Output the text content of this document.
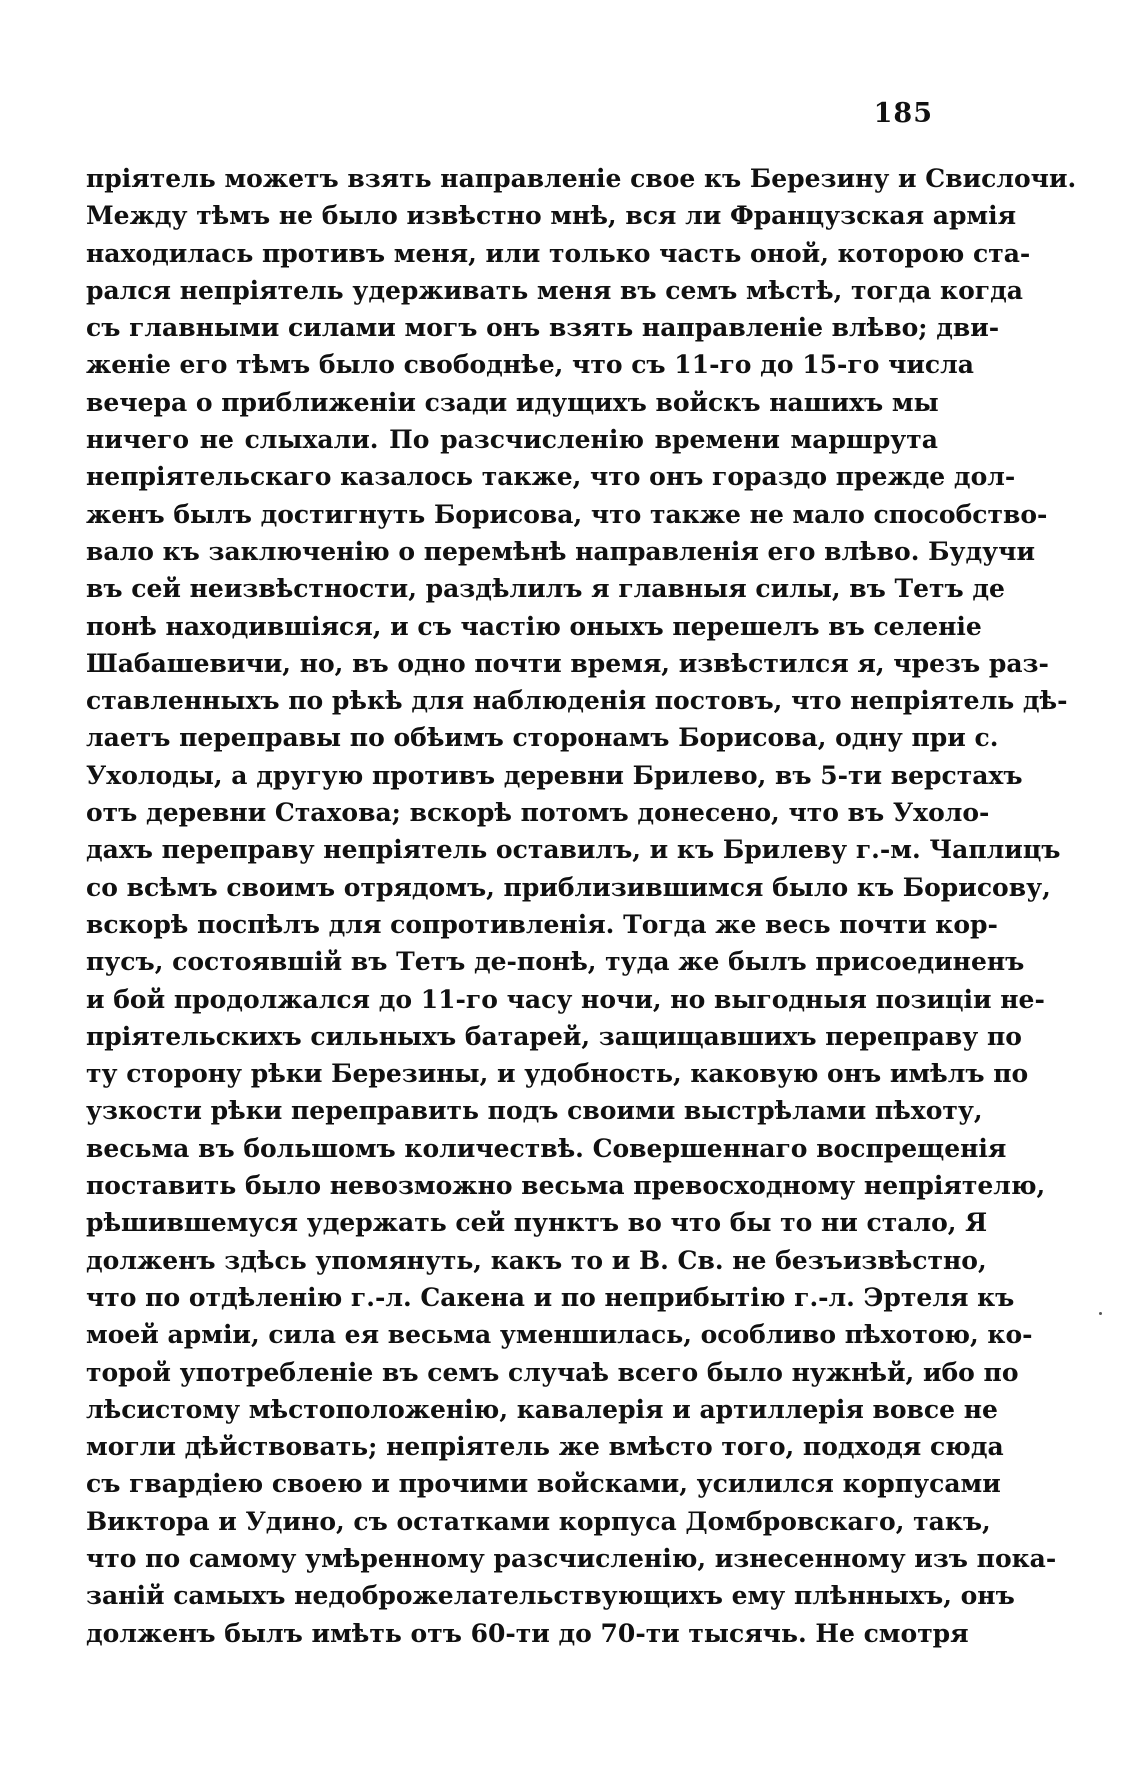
185
пріятель можетъ взять направленіе свое къ Березину и Свислочи.
Между тѣмъ не было извѣстно мнѣ, вся ли Французская армія
находилась противъ меня, или только часть оной, которою ста-
рался непріятель удерживать меня въ семъ мѣстѣ, тогда когда
съ главными силами могъ онъ взять направленіе влѣво; дви-
женіе его тѣмъ было свободнѣе, что съ 11-го до 15-го числа
вечера о приближеніи сзади идущихъ войскъ нашихъ мы
ничего не слыхали. По разсчисленію времени маршрута
непріятельскаго казалось также, что онъ гораздо прежде дол-
женъ былъ достигнуть Борисова, что также не мало способство-
вало къ заключенію о перемѣнѣ направленія его влѣво. Будучи
въ сей неизвѣстности, раздѣлилъ я главныя силы, въ Тетъ де
понѣ находившіяся, и съ частію оныхъ перешелъ въ селеніе
Шабашевичи, но, въ одно почти время, извѣстился я, чрезъ раз-
ставленныхъ по рѣкѣ для наблюденія постовъ, что непріятель дѣ-
лаетъ переправы по обѣимъ сторонамъ Борисова, одну при с.
Ухолоды, а другую противъ деревни Брилево, въ 5-ти верстахъ
отъ деревни Стахова; вскорѣ потомъ донесено, что въ Ухоло-
дахъ переправу непріятель оставилъ, и къ Брилеву г.-м. Чаплицъ
со всѣмъ своимъ отрядомъ, приблизившимся было къ Борисову,
вскорѣ поспѣлъ для сопротивленія. Тогда же весь почти кор-
пусъ, состоявшій въ Тетъ де-понѣ, туда же былъ присоединенъ
и бой продолжался до 11-го часу ночи, но выгодныя позиціи не-
пріятельскихъ сильныхъ батарей, защищавшихъ переправу по
ту сторону рѣки Березины, и удобность, каковую онъ имѣлъ по
узкости рѣки переправить подъ своими выстрѣлами пѣхоту,
весьма въ большомъ количествѣ. Совершеннаго воспрещенія
поставить было невозможно весьма превосходному непріятелю,
рѣшившемуся удержать сей пунктъ во что бы то ни стало, Я
долженъ здѣсь упомянуть, какъ то и В. Св. не безъизвѣстно,
что по отдѣленію г.-л. Сакена и по неприбытію г.-л. Эртеля къ
моей арміи, сила ея весьма уменшилась, особливо пѣхотою, ко-
торой употребленіе въ семъ случаѣ всего было нужнѣй, ибо по
лѣсистому мѣстоположенію, кавалерія и артиллерія вовсе не
могли дѣйствовать; непріятель же вмѣсто того, подходя сюда
съ гвардіею своею и прочими войсками, усилился корпусами
Виктора и Удино, съ остатками корпуса Домбровскаго, такъ,
что по самому умѣренному разсчисленію, изнесенному изъ пока-
заній самыхъ недоброжелательствующихъ ему плѣнныхъ, онъ
долженъ былъ имѣть отъ 60-ти до 70-ти тысячь. Не смотря
